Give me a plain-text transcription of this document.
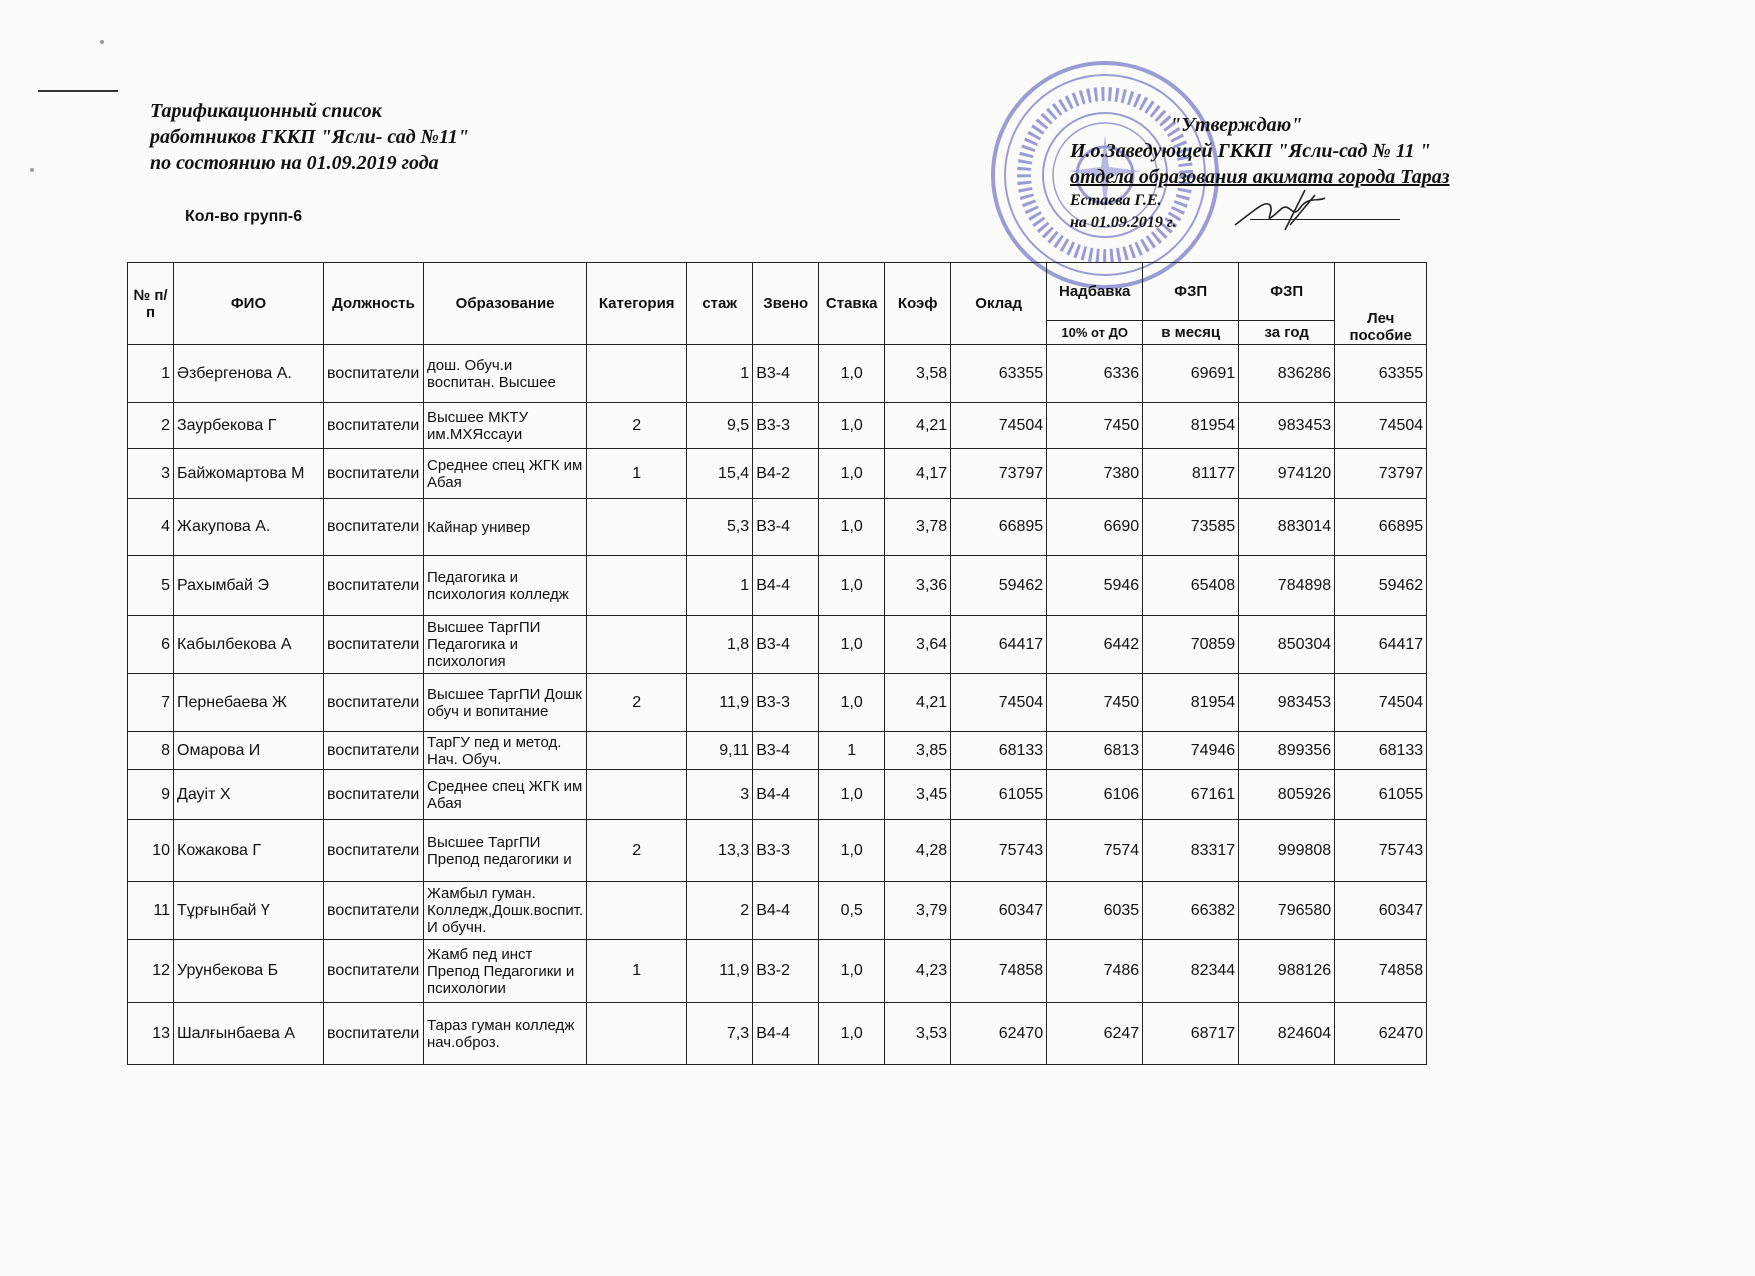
Тарификационный список
работников ГККП "Ясли- сад №11"
по состоянию на 01.09.2019 года
Кол-во групп-6
"Утверждаю"
И.о.Заведующей ГККП "Ясли-сад № 11 "
отдела образования акимата города Тараз
Естаева Г.Е.
на 01.09.2019 г.
№ п/п	ФИО	Должность	Образование	Категория	стаж	Звено	Ставка	Коэф	Оклад	Надбавка	ФЗП	ФЗП	Леч пособие
										10% от ДО	в месяц	за год	
1	Әзбергенова А.	воспитатели	дош. Обуч.и воспитан. Высшее		1	В3-4	1,0	3,58	63355	6336	69691	836286	63355
2	Заурбекова Г	воспитатели	Высшее МКТУ им.МХЯссауи	2	9,5	В3-3	1,0	4,21	74504	7450	81954	983453	74504
3	Байжомартова М	воспитатели	Среднее спец ЖГК им Абая	1	15,4	В4-2	1,0	4,17	73797	7380	81177	974120	73797
4	Жакупова А.	воспитатели	Кайнар универ		5,3	В3-4	1,0	3,78	66895	6690	73585	883014	66895
5	Рахымбай Э	воспитатели	Педагогика и психология колледж		1	В4-4	1,0	3,36	59462	5946	65408	784898	59462
6	Кабылбекова А	воспитатели	Высшее ТаргПИ Педагогика и психология		1,8	В3-4	1,0	3,64	64417	6442	70859	850304	64417
7	Пернебаева Ж	воспитатели	Высшее ТаргПИ Дошк обуч и вопитание	2	11,9	В3-3	1,0	4,21	74504	7450	81954	983453	74504
8	Омарова И	воспитатели	ТарГУ пед и метод. Нач. Обуч.		9,11	В3-4	1	3,85	68133	6813	74946	899356	68133
9	Дауіт Х	воспитатели	Среднее спец ЖГК им Абая		3	В4-4	1,0	3,45	61055	6106	67161	805926	61055
10	Кожакова Г	воспитатели	Высшее ТаргПИ Препод педагогики и	2	13,3	В3-3	1,0	4,28	75743	7574	83317	999808	75743
11	Тұрғынбай Ү	воспитатели	Жамбыл гуман. Колледж,Дошк.воспит. И обучн.		2	В4-4	0,5	3,79	60347	6035	66382	796580	60347
12	Урунбекова Б	воспитатели	Жамб пед инст Препод Педагогики и психологии	1	11,9	В3-2	1,0	4,23	74858	7486	82344	988126	74858
13	Шалғынбаева А	воспитатели	Тараз гуман колледж нач.оброз.		7,3	В4-4	1,0	3,53	62470	6247	68717	824604	62470
